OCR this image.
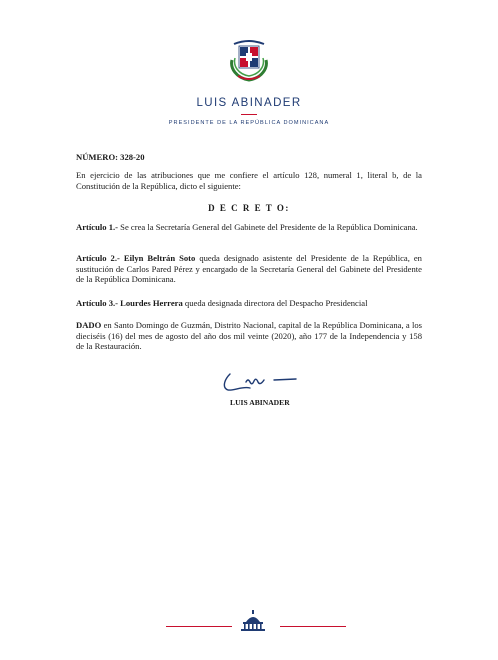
LUIS ABINADER
PRESIDENTE DE LA REPÚBLICA DOMINICANA
NÚMERO: 328-20
En ejercicio de las atribuciones que me confiere el artículo 128, numeral 1, literal b, de la Constitución de la República, dicto el siguiente:
D E C R E T O:
Artículo 1.- Se crea la Secretaría General del Gabinete del Presidente de la República Dominicana.
Artículo 2.- Eilyn Beltrán Soto queda designado asistente del Presidente de la República, en sustitución de Carlos Pared Pérez y encargado de la Secretaría General del Gabinete del Presidente de la República Dominicana.
Artículo 3.- Lourdes Herrera queda designada directora del Despacho Presidencial
DADO en Santo Domingo de Guzmán, Distrito Nacional, capital de la República Dominicana, a los dieciséis (16) del mes de agosto del año dos mil veinte (2020), año 177 de la Independencia y 158 de la Restauración.
LUIS ABINADER
